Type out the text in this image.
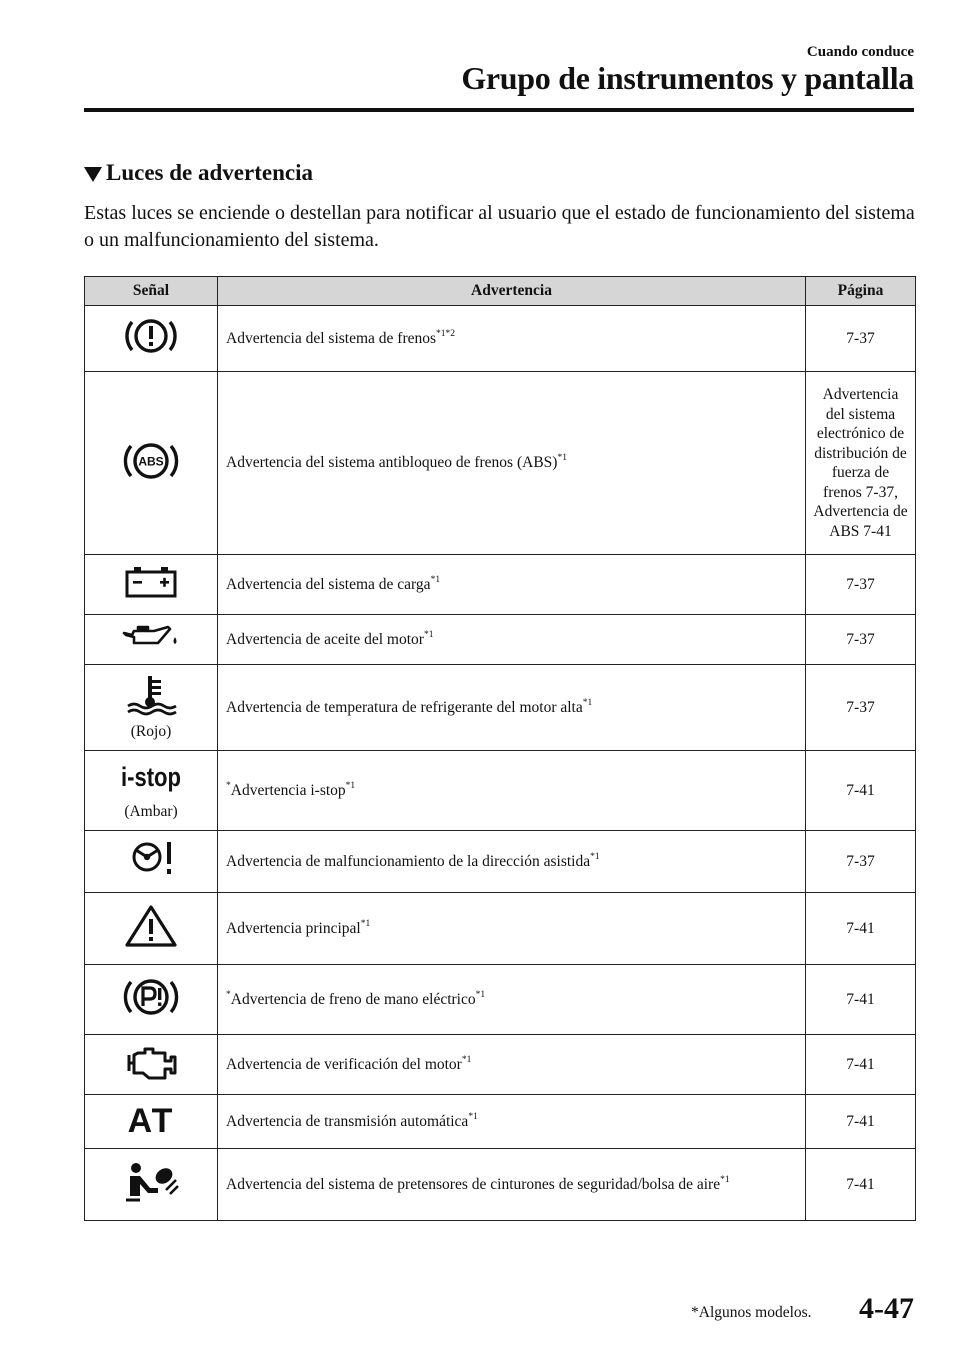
Cuando conduce
Grupo de instrumentos y pantalla
Luces de advertencia
Estas luces se enciende o destellan para notificar al usuario que el estado de funcionamiento del sistema o un malfuncionamiento del sistema.
Señal	Advertencia	Página
	Advertencia del sistema de frenos$^{*1*2}$	7-37

ABS	Advertencia del sistema antibloqueo de frenos (ABS)$^{*1}$	Advertencia del sistema electrónico de distribución de fuerza de frenos 7-37, Advertencia de ABS 7-41
	Advertencia del sistema de carga$^{*1}$	7-37
	Advertencia de aceite del motor$^{*1}$	7-37

(Rojo)	Advertencia de temperatura de refrigerante del motor alta$^{*1}$	7-37

i-stop
(Ambar)	*Advertencia i-stop$^{*1}$	7-41
	Advertencia de malfuncionamiento de la dirección asistida$^{*1}$	7-37
	Advertencia principal$^{*1}$	7-41
	*Advertencia de freno de mano eléctrico$^{*1}$	7-41
	Advertencia de verificación del motor$^{*1}$	7-41
AT	Advertencia de transmisión automática$^{*1}$	7-41
	Advertencia del sistema de pretensores de cinturones de seguridad/bolsa de aire$^{*1}$	7-41
*Algunos modelos. 4-47
